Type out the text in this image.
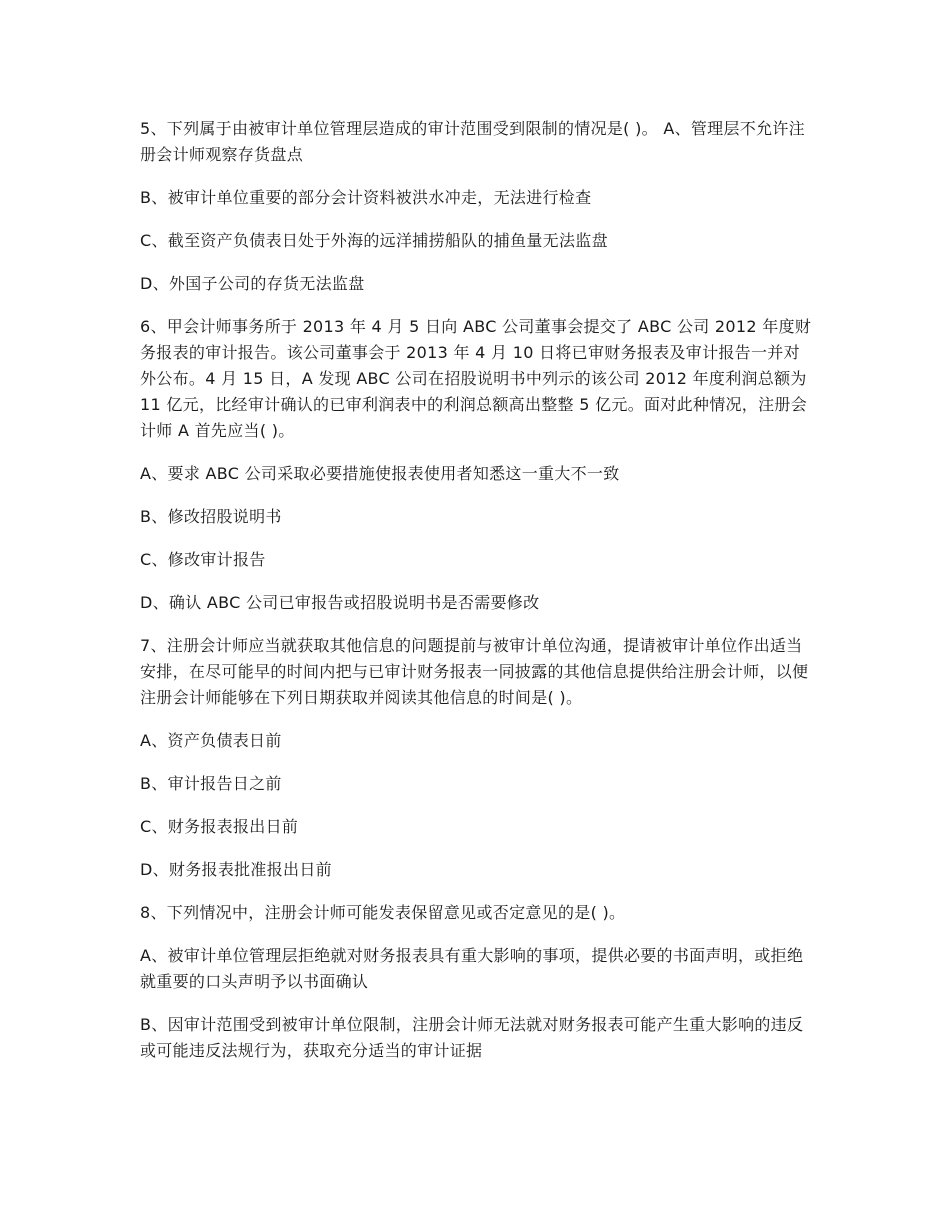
5、下列属于由被审计单位管理层造成的审计范围受到限制的情况是( )。 A、管理层不允许注册会计师观察存货盘点

B、被审计单位重要的部分会计资料被洪水冲走，无法进行检查

C、截至资产负债表日处于外海的远洋捕捞船队的捕鱼量无法监盘

D、外国子公司的存货无法监盘

6、甲会计师事务所于 2013 年 4 月 5 日向 ABC 公司董事会提交了 ABC 公司 2012 年度财务报表的审计报告。该公司董事会于 2013 年 4 月 10 日将已审财务报表及审计报告一并对外公布。4 月 15 日，A 发现 ABC 公司在招股说明书中列示的该公司 2012 年度利润总额为 11 亿元，比经审计确认的已审利润表中的利润总额高出整整 5 亿元。面对此种情况，注册会计师 A 首先应当( )。

A、要求 ABC 公司采取必要措施使报表使用者知悉这一重大不一致

B、修改招股说明书

C、修改审计报告

D、确认 ABC 公司已审报告或招股说明书是否需要修改

7、注册会计师应当就获取其他信息的问题提前与被审计单位沟通，提请被审计单位作出适当安排，在尽可能早的时间内把与已审计财务报表一同披露的其他信息提供给注册会计师，以便注册会计师能够在下列日期获取并阅读其他信息的时间是( )。

A、资产负债表日前

B、审计报告日之前

C、财务报表报出日前

D、财务报表批准报出日前

8、下列情况中，注册会计师可能发表保留意见或否定意见的是( )。

A、被审计单位管理层拒绝就对财务报表具有重大影响的事项，提供必要的书面声明，或拒绝就重要的口头声明予以书面确认

B、因审计范围受到被审计单位限制，注册会计师无法就对财务报表可能产生重大影响的违反或可能违反法规行为，获取充分适当的审计证据
